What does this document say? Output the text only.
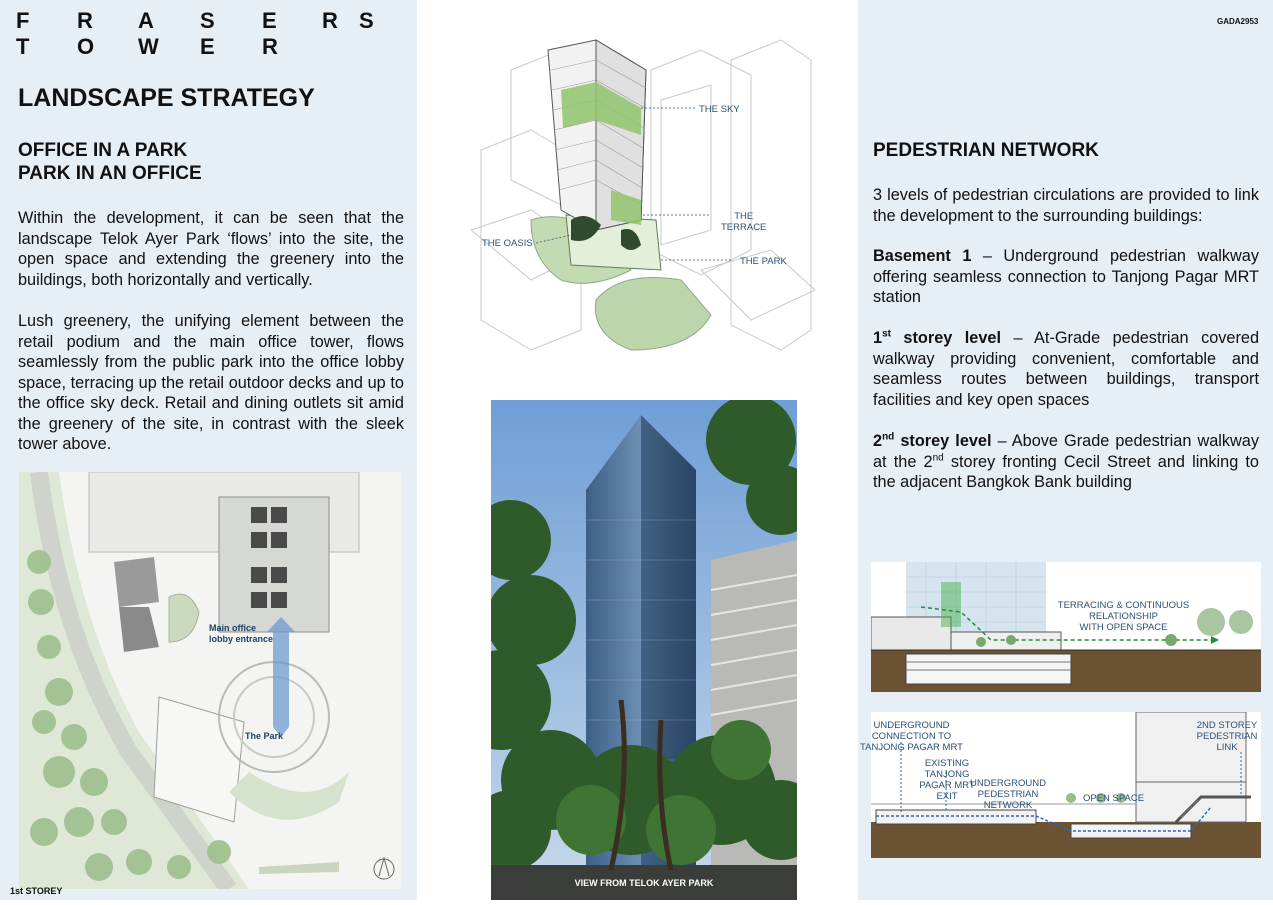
F R A S E R S
T O W E R
LANDSCAPE STRATEGY
OFFICE IN A PARK
PARK IN AN OFFICE
Within the development, it can be seen that the landscape Telok Ayer Park ‘flows’ into the site, the open space and extending the greenery into the buildings, both horizontally and vertically.
Lush greenery, the unifying element between the retail podium and the main office tower, flows seamlessly from the public park into the office lobby space, terracing up the retail outdoor decks and up to the office sky deck. Retail and dining outlets sit amid the greenery of the site, in contrast with the sleek tower above.
Main office
lobby entrance
The Park
1st STOREY
THE SKY
THE
TERRACE
THE OASIS
THE PARK
VIEW FROM TELOK AYER PARK
GADA2953
PEDESTRIAN NETWORK
3 levels of pedestrian circulations are provided to link the development to the surrounding buildings:
Basement 1 – Underground pedestrian walkway offering seamless connection to Tanjong Pagar MRT station
1st storey level – At-Grade pedestrian covered walkway providing convenient, comfortable and seamless routes between buildings, transport facilities and key open spaces
2nd storey level – Above Grade pedestrian walkway at the 2nd storey fronting Cecil Street and linking to the adjacent Bangkok Bank building
TERRACING & CONTINUOUS
RELATIONSHIP
WITH OPEN SPACE
UNDERGROUND
CONNECTION TO
TANJONG PAGAR MRT
EXISTING
TANJONG
PAGAR MRT
EXIT
UNDERGROUND
PEDESTRIAN
NETWORK
OPEN SPACE
2ND STOREY
PEDESTRIAN
LINK
